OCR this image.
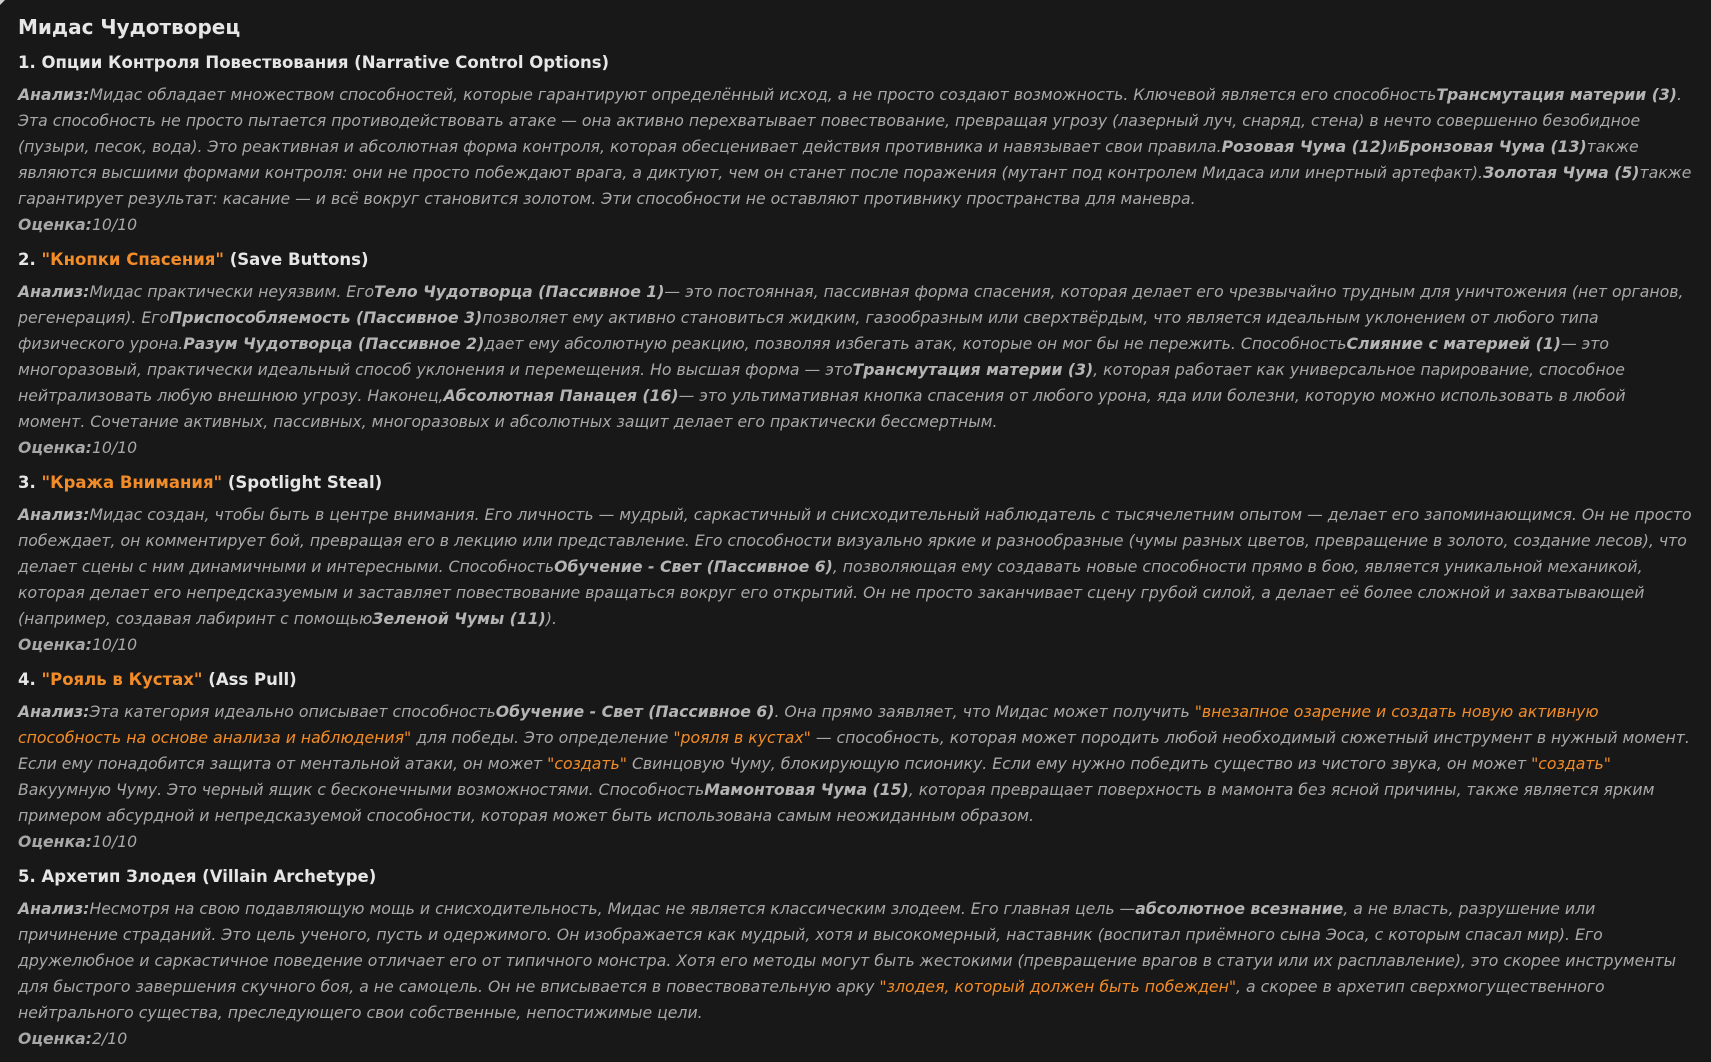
Мидас Чудотворец
1. Опции Контроля Повествования (Narrative Control Options)
Анализ:Мидас обладает множеством способностей, которые гарантируют определённый исход, а не просто создают возможность. Ключевой является его способностьТрансмутация материи (3). Эта способность не просто пытается противодействовать атаке — она активно перехватывает повествование, превращая угрозу (лазерный луч, снаряд, стена) в нечто совершенно безобидное (пузыри, песок, вода). Это реактивная и абсолютная форма контроля, которая обесценивает действия противника и навязывает свои правила.Розовая Чума (12)иБронзовая Чума (13)также являются высшими формами контроля: они не просто побеждают врага, а диктуют, чем он станет после поражения (мутант под контролем Мидаса или инертный артефакт).Золотая Чума (5)также гарантирует результат: касание — и всё вокруг становится золотом. Эти способности не оставляют противнику пространства для маневра.
Оценка:10/10
2. "Кнопки Спасения" (Save Buttons)
Анализ:Мидас практически неуязвим. ЕгоТело Чудотворца (Пассивное 1)— это постоянная, пассивная форма спасения, которая делает его чрезвычайно трудным для уничтожения (нет органов, регенерация). ЕгоПриспособляемость (Пассивное 3)позволяет ему активно становиться жидким, газообразным или сверхтвёрдым, что является идеальным уклонением от любого типа физического урона.Разум Чудотворца (Пассивное 2)дает ему абсолютную реакцию, позволяя избегать атак, которые он мог бы не пережить. СпособностьСлияние с материей (1)— это многоразовый, практически идеальный способ уклонения и перемещения. Но высшая форма — этоТрансмутация материи (3), которая работает как универсальное парирование, способное нейтрализовать любую внешнюю угрозу. Наконец,Абсолютная Панацея (16)— это ультимативная кнопка спасения от любого урона, яда или болезни, которую можно использовать в любой момент. Сочетание активных, пассивных, многоразовых и абсолютных защит делает его практически бессмертным.
Оценка:10/10
3. "Кража Внимания" (Spotlight Steal)
Анализ:Мидас создан, чтобы быть в центре внимания. Его личность — мудрый, саркастичный и снисходительный наблюдатель с тысячелетним опытом — делает его запоминающимся. Он не просто побеждает, он комментирует бой, превращая его в лекцию или представление. Его способности визуально яркие и разнообразные (чумы разных цветов, превращение в золото, создание лесов), что делает сцены с ним динамичными и интересными. СпособностьОбучение - Свет (Пассивное 6), позволяющая ему создавать новые способности прямо в бою, является уникальной механикой, которая делает его непредсказуемым и заставляет повествование вращаться вокруг его открытий. Он не просто заканчивает сцену грубой силой, а делает её более сложной и захватывающей (например, создавая лабиринт с помощьюЗеленой Чумы (11)).
Оценка:10/10
4. "Рояль в Кустах" (Ass Pull)
Анализ:Эта категория идеально описывает способностьОбучение - Свет (Пассивное 6). Она прямо заявляет, что Мидас может получить "внезапное озарение и создать новую активную способность на основе анализа и наблюдения" для победы. Это определение "рояля в кустах" — способность, которая может породить любой необходимый сюжетный инструмент в нужный момент. Если ему понадобится защита от ментальной атаки, он может "создать" Свинцовую Чуму, блокирующую псионику. Если ему нужно победить существо из чистого звука, он может "создать" Вакуумную Чуму. Это черный ящик с бесконечными возможностями. СпособностьМамонтовая Чума (15), которая превращает поверхность в мамонта без ясной причины, также является ярким примером абсурдной и непредсказуемой способности, которая может быть использована самым неожиданным образом.
Оценка:10/10
5. Архетип Злодея (Villain Archetype)
Анализ:Несмотря на свою подавляющую мощь и снисходительность, Мидас не является классическим злодеем. Его главная цель —абсолютное всезнание, а не власть, разрушение или причинение страданий. Это цель ученого, пусть и одержимого. Он изображается как мудрый, хотя и высокомерный, наставник (воспитал приёмного сына Эоса, с которым спасал мир). Его дружелюбное и саркастичное поведение отличает его от типичного монстра. Хотя его методы могут быть жестокими (превращение врагов в статуи или их расплавление), это скорее инструменты для быстрого завершения скучного боя, а не самоцель. Он не вписывается в повествовательную арку "злодея, который должен быть побежден", а скорее в архетип сверхмогущественного нейтрального существа, преследующего свои собственные, непостижимые цели.
Оценка:2/10
